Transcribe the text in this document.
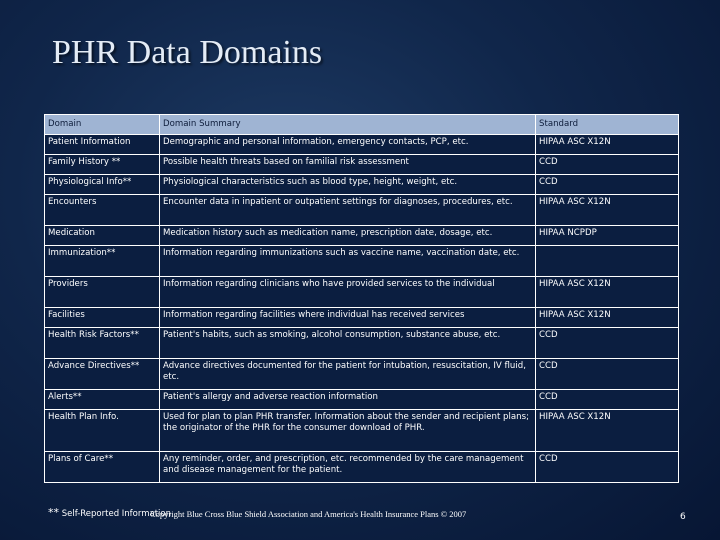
PHR Data Domains
Domain	Domain Summary	Standard
Patient Information	Demographic and personal information, emergency contacts, PCP, etc.	HIPAA ASC X12N
Family History **	Possible health threats based on familial risk assessment	CCD
Physiological Info**	Physiological characteristics such as blood type, height, weight, etc.	CCD
Encounters	Encounter data in inpatient or outpatient settings for diagnoses, procedures, etc.	HIPAA ASC X12N
Medication	Medication history such as medication name, prescription date, dosage, etc.	HIPAA NCPDP
Immunization**	Information regarding immunizations such as vaccine name, vaccination date, etc.	
Providers	Information regarding clinicians who have provided services to the individual	HIPAA ASC X12N
Facilities	Information regarding facilities where individual has received services	HIPAA ASC X12N
Health Risk Factors**	Patient's habits, such as smoking, alcohol consumption, substance abuse, etc.	CCD
Advance Directives**	Advance directives documented for the patient for intubation, resuscitation, IV fluid, etc.	CCD
Alerts**	Patient's allergy and adverse reaction information	CCD
Health Plan Info.	Used for plan to plan PHR transfer. Information about the sender and recipient plans; the originator of the PHR for the consumer download of PHR.	HIPAA ASC X12N
Plans of Care**	Any reminder, order, and prescription, etc. recommended by the care management and disease management for the patient.	CCD
** Self-Reported Information
Copyright Blue Cross Blue Shield Association and America's Health Insurance Plans © 2007	6
